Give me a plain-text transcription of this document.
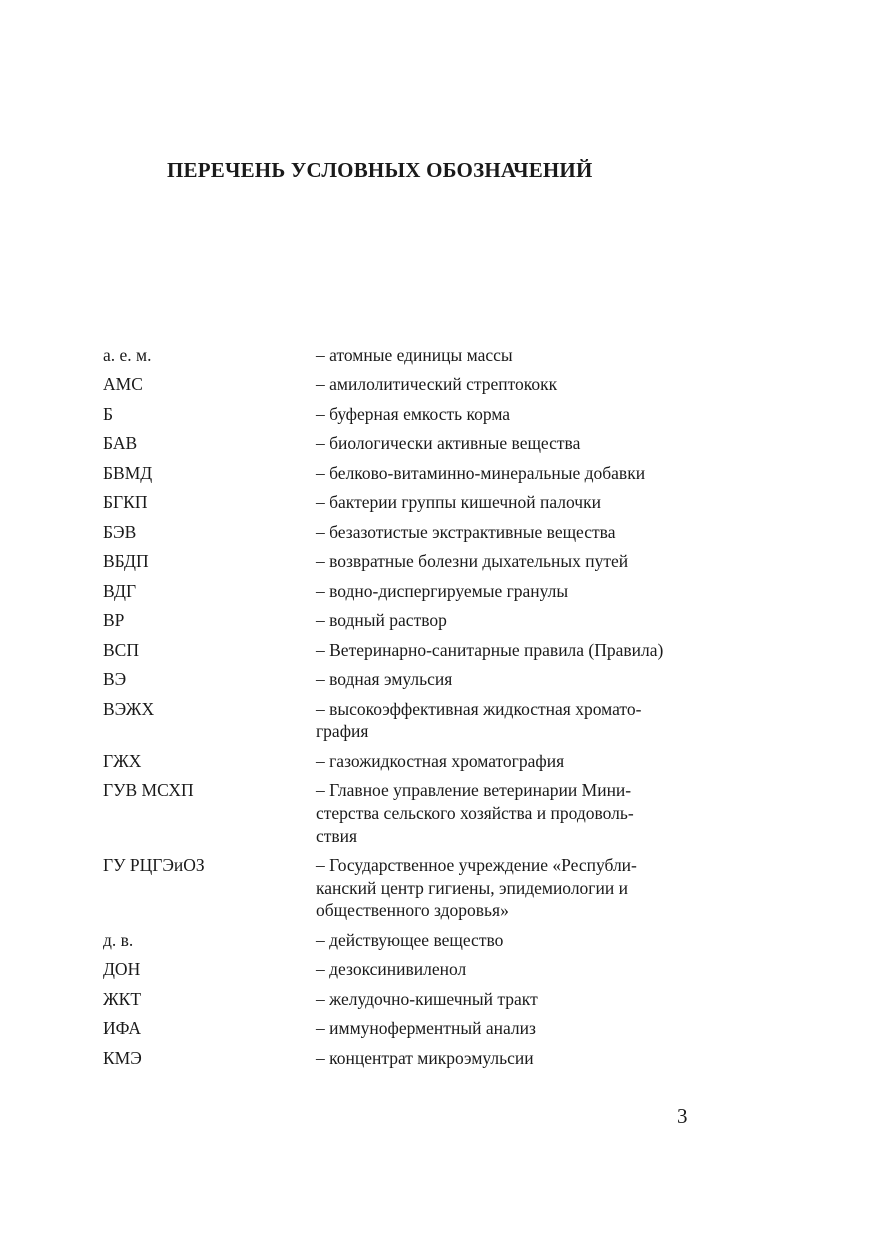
ПЕРЕЧЕНЬ УСЛОВНЫХ ОБОЗНАЧЕНИЙ
а. е. м.	– атомные единицы массы
АМС	– амилолитический стрептококк
Б	– буферная емкость корма
БАВ	– биологически активные вещества
БВМД	– белково-витаминно-минеральные добавки
БГКП	– бактерии группы кишечной палочки
БЭВ	– безазотистые экстрактивные вещества
ВБДП	– возвратные болезни дыхательных путей
ВДГ	– водно-диспергируемые гранулы
ВР	– водный раствор
ВСП	– Ветеринарно-санитарные правила (Правила)
ВЭ	– водная эмульсия
ВЭЖХ	– высокоэффективная жидкостная хромато-
графия
ГЖХ	– газожидкостная хроматография
ГУВ МСХП	– Главное управление ветеринарии Мини-
стерства сельского хозяйства и продоволь-
ствия
ГУ РЦГЭиОЗ	– Государственное учреждение «Республи-
канский центр гигиены, эпидемиологии и
общественного здоровья»
д. в.	– действующее вещество
ДОН	– дезоксинивиленол
ЖКТ	– желудочно-кишечный тракт
ИФА	– иммуноферментный анализ
КМЭ	– концентрат микроэмульсии
3
